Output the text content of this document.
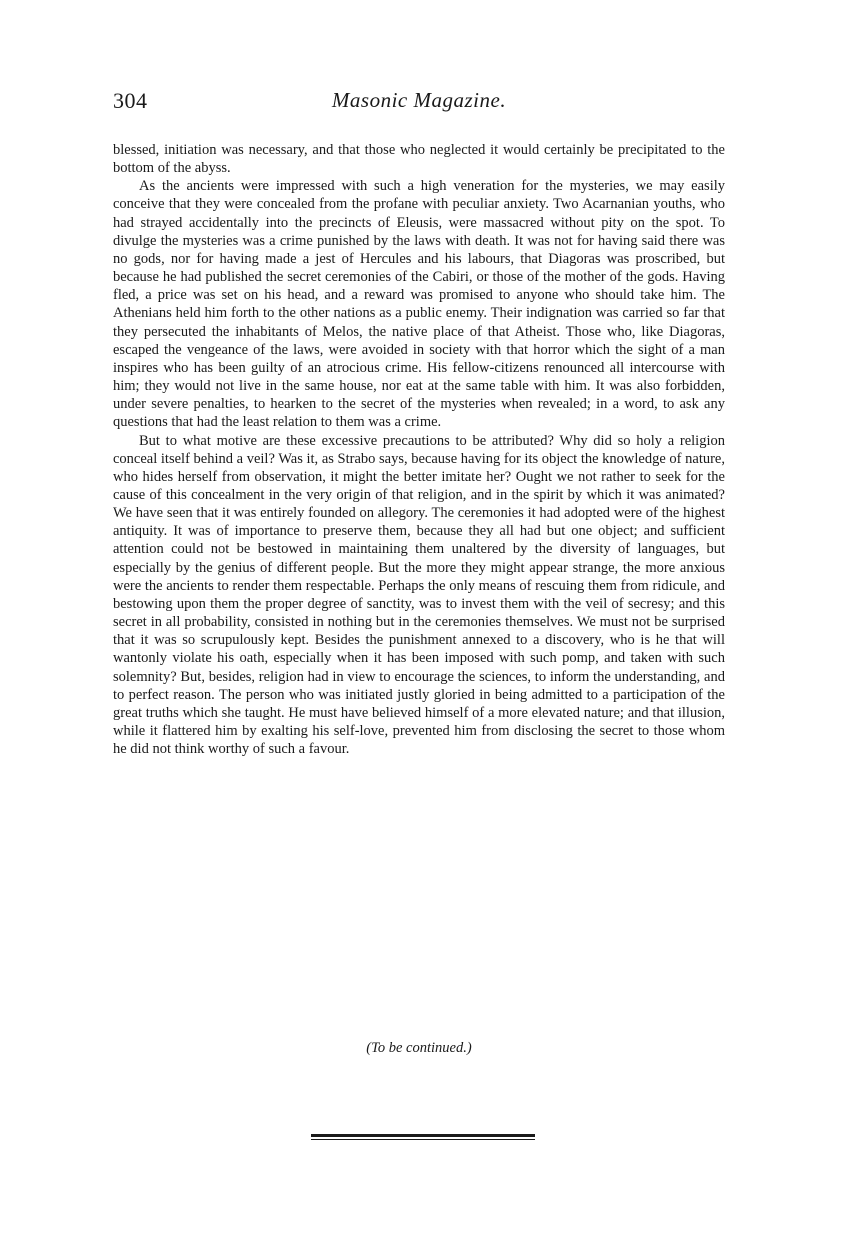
304	Masonic Magazine.

blessed, initiation was necessary, and that those who neglected it would certainly be precipitated to the bottom of the abyss.

As the ancients were impressed with such a high veneration for the mysteries, we may easily conceive that they were concealed from the profane with peculiar anxiety. Two Acarnanian youths, who had strayed accidentally into the precincts of Eleusis, were massacred without pity on the spot. To divulge the mysteries was a crime punished by the laws with death. It was not for having said there was no gods, nor for having made a jest of Hercules and his labours, that Diagoras was proscribed, but because he had published the secret ceremonies of the Cabiri, or those of the mother of the gods. Having fled, a price was set on his head, and a reward was promised to anyone who should take him. The Athenians held him forth to the other nations as a public enemy. Their indignation was carried so far that they persecuted the inhabitants of Melos, the native place of that Atheist. Those who, like Diagoras, escaped the vengeance of the laws, were avoided in society with that horror which the sight of a man inspires who has been guilty of an atrocious crime. His fellow-citizens renounced all intercourse with him; they would not live in the same house, nor eat at the same table with him. It was also forbidden, under severe penalties, to hearken to the secret of the mysteries when revealed; in a word, to ask any questions that had the least relation to them was a crime.

But to what motive are these excessive precautions to be attributed? Why did so holy a religion conceal itself behind a veil? Was it, as Strabo says, because having for its object the knowledge of nature, who hides herself from observation, it might the better imitate her? Ought we not rather to seek for the cause of this concealment in the very origin of that religion, and in the spirit by which it was animated? We have seen that it was entirely founded on allegory. The ceremonies it had adopted were of the highest antiquity. It was of importance to preserve them, because they all had but one object; and sufficient attention could not be bestowed in maintaining them unaltered by the diversity of languages, but especially by the genius of different people. But the more they might appear strange, the more anxious were the ancients to render them respectable. Perhaps the only means of rescuing them from ridicule, and bestowing upon them the proper degree of sanctity, was to invest them with the veil of secresy; and this secret in all probability, consisted in nothing but in the ceremonies themselves. We must not be surprised that it was so scrupulously kept. Besides the punishment annexed to a discovery, who is he that will wantonly violate his oath, especially when it has been imposed with such pomp, and taken with such solemnity? But, besides, religion had in view to encourage the sciences, to inform the understanding, and to perfect reason. The person who was initiated justly gloried in being admitted to a participation of the great truths which she taught. He must have believed himself of a more elevated nature; and that illusion, while it flattered him by exalting his self-love, prevented him from disclosing the secret to those whom he did not think worthy of such a favour.

(To be continued.)
